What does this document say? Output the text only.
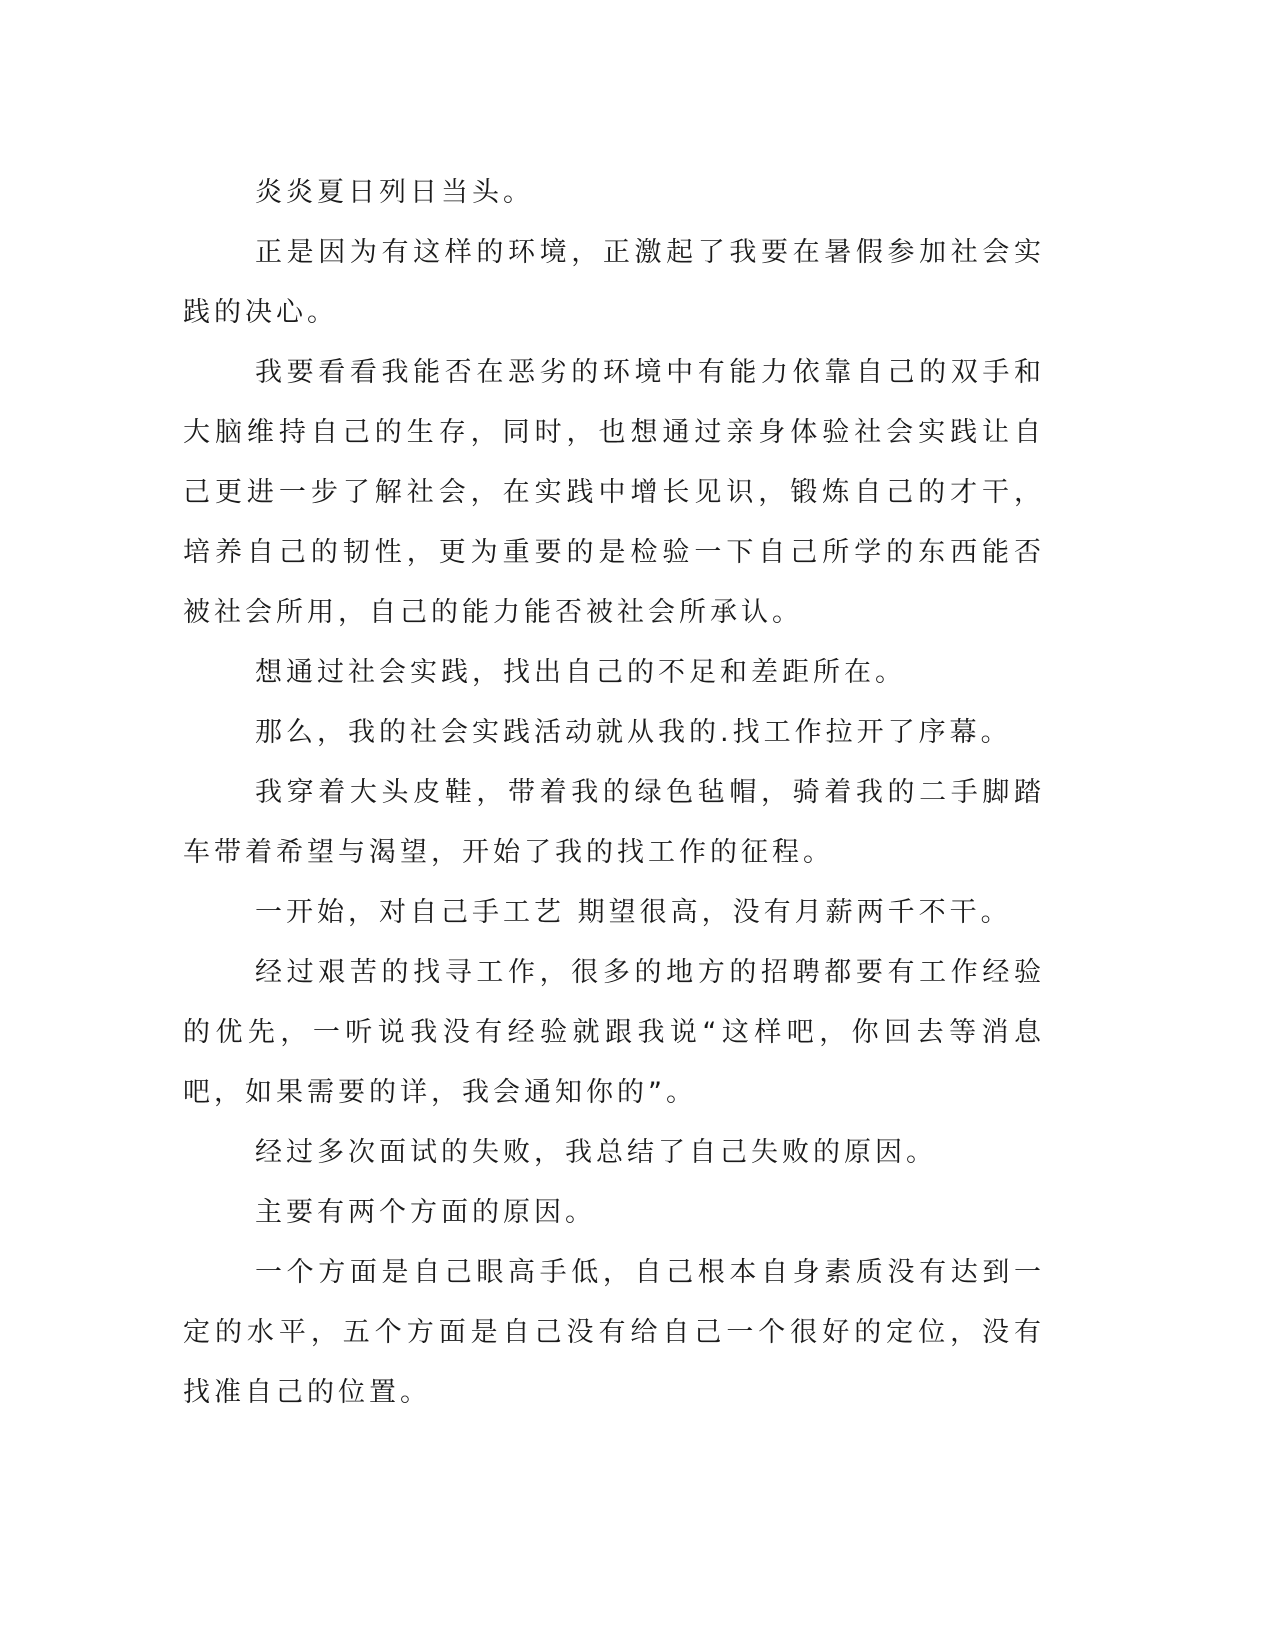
炎炎夏日列日当头。

正是因为有这样的环境，正激起了我要在暑假参加社会实践的决心。

我要看看我能否在恶劣的环境中有能力依靠自己的双手和大脑维持自己的生存，同时，也想通过亲身体验社会实践让自己更进一步了解社会，在实践中增长见识，锻炼自己的才干，培养自己的韧性，更为重要的是检验一下自己所学的东西能否被社会所用，自己的能力能否被社会所承认。

想通过社会实践，找出自己的不足和差距所在。

那么，我的社会实践活动就从我的.找工作拉开了序幕。

我穿着大头皮鞋，带着我的绿色毡帽，骑着我的二手脚踏车带着希望与渴望，开始了我的找工作的征程。

一开始，对自己手工艺 期望很高，没有月薪两千不干。

经过艰苦的找寻工作，很多的地方的招聘都要有工作经验的优先，一听说我没有经验就跟我说“这样吧，你回去等消息吧，如果需要的详，我会通知你的”。

经过多次面试的失败，我总结了自己失败的原因。

主要有两个方面的原因。

一个方面是自己眼高手低，自己根本自身素质没有达到一定的水平，五个方面是自己没有给自己一个很好的定位，没有找准自己的位置。
